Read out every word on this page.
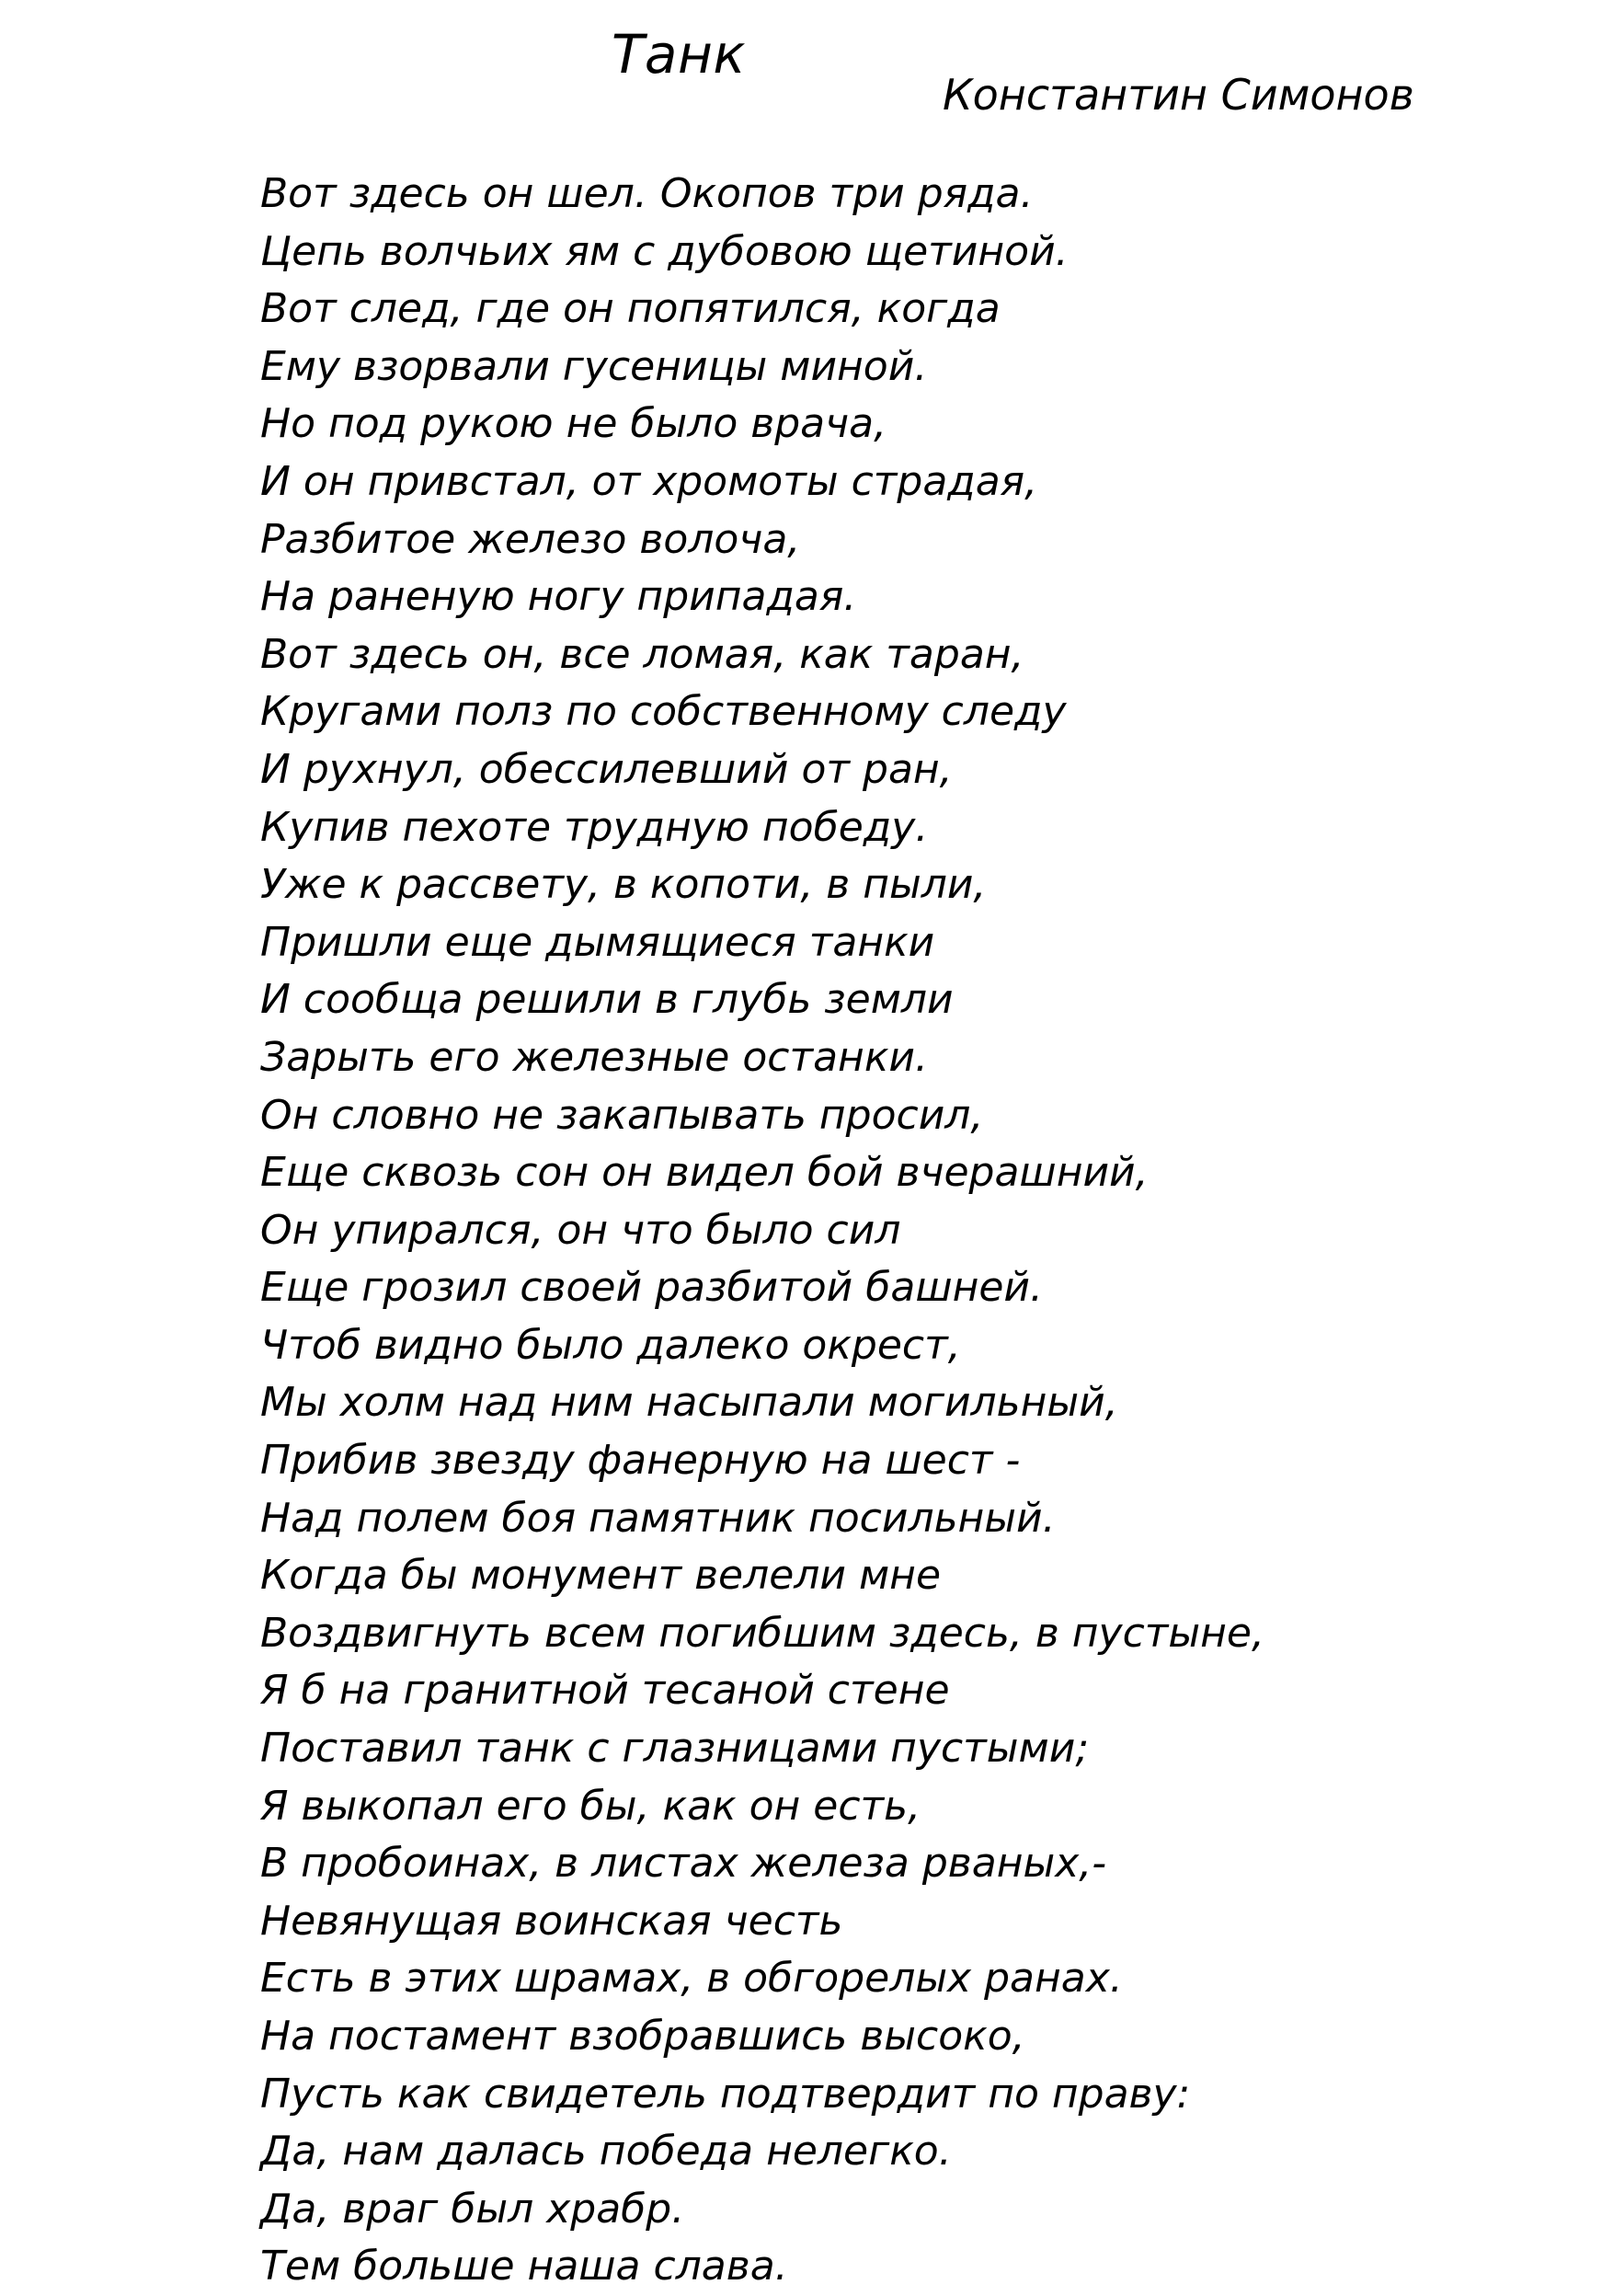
Танк
Константин Симонов
Вот здесь он шел. Окопов три ряда.
Цепь волчьих ям с дубовою щетиной.
Вот след, где он попятился, когда
Ему взорвали гусеницы миной.
Но под рукою не было врача,
И он привстал, от хромоты страдая,
Разбитое железо волоча,
На раненую ногу припадая.
Вот здесь он, все ломая, как таран,
Кругами полз по собственному следу
И рухнул, обессилевший от ран,
Купив пехоте трудную победу.
Уже к рассвету, в копоти, в пыли,
Пришли еще дымящиеся танки
И сообща решили в глубь земли
Зарыть его железные останки.
Он словно не закапывать просил,
Еще сквозь сон он видел бой вчерашний,
Он упирался, он что было сил
Еще грозил своей разбитой башней.
Чтоб видно было далеко окрест,
Мы холм над ним насыпали могильный,
Прибив звезду фанерную на шест -
Над полем боя памятник посильный.
Когда бы монумент велели мне
Воздвигнуть всем погибшим здесь, в пустыне,
Я б на гранитной тесаной стене
Поставил танк с глазницами пустыми;
Я выкопал его бы, как он есть,
В пробоинах, в листах железа рваных,-
Невянущая воинская честь
Есть в этих шрамах, в обгорелых ранах.
На постамент взобравшись высоко,
Пусть как свидетель подтвердит по праву:
Да, нам далась победа нелегко.
Да, враг был храбр.
Тем больше наша слава.
